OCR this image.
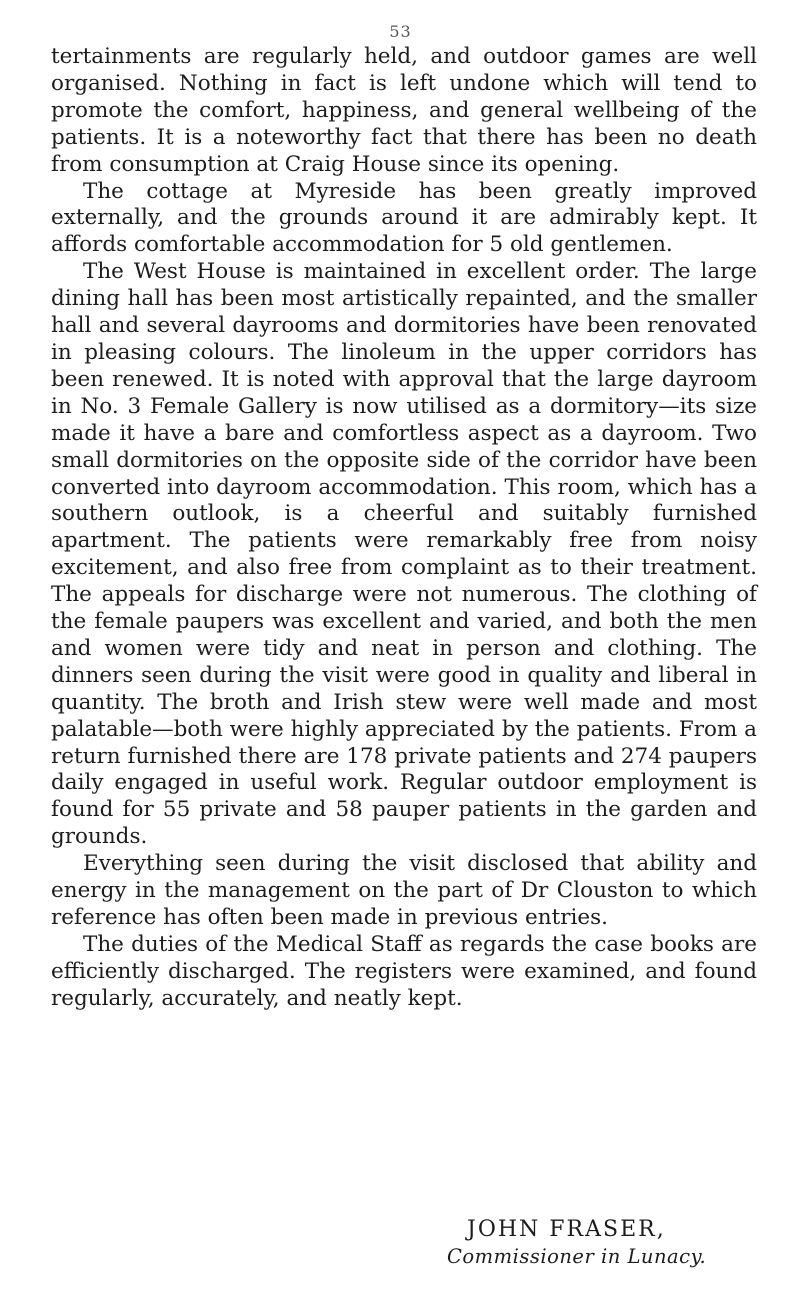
53

tertainments are regularly held, and outdoor games are well organised. Nothing in fact is left undone which will tend to promote the comfort, happiness, and general wellbeing of the patients. It is a noteworthy fact that there has been no death from consumption at Craig House since its opening.

The cottage at Myreside has been greatly improved externally, and the grounds around it are admirably kept. It affords comfortable accommodation for 5 old gentlemen.

The West House is maintained in excellent order. The large dining hall has been most artistically repainted, and the smaller hall and several dayrooms and dormitories have been renovated in pleasing colours. The linoleum in the upper corridors has been renewed. It is noted with approval that the large dayroom in No. 3 Female Gallery is now utilised as a dormitory—its size made it have a bare and comfortless aspect as a dayroom. Two small dormitories on the opposite side of the corridor have been converted into dayroom accommodation. This room, which has a southern outlook, is a cheerful and suitably furnished apartment. The patients were remarkably free from noisy excitement, and also free from complaint as to their treatment. The appeals for discharge were not numerous. The clothing of the female paupers was excellent and varied, and both the men and women were tidy and neat in person and clothing. The dinners seen during the visit were good in quality and liberal in quantity. The broth and Irish stew were well made and most palatable—both were highly appreciated by the patients. From a return furnished there are 178 private patients and 274 paupers daily engaged in useful work. Regular outdoor employment is found for 55 private and 58 pauper patients in the garden and grounds.

Everything seen during the visit disclosed that ability and energy in the management on the part of Dr Clouston to which reference has often been made in previous entries.

The duties of the Medical Staff as regards the case books are efficiently discharged. The registers were examined, and found regularly, accurately, and neatly kept.

JOHN FRASER,
Commissioner in Lunacy.
